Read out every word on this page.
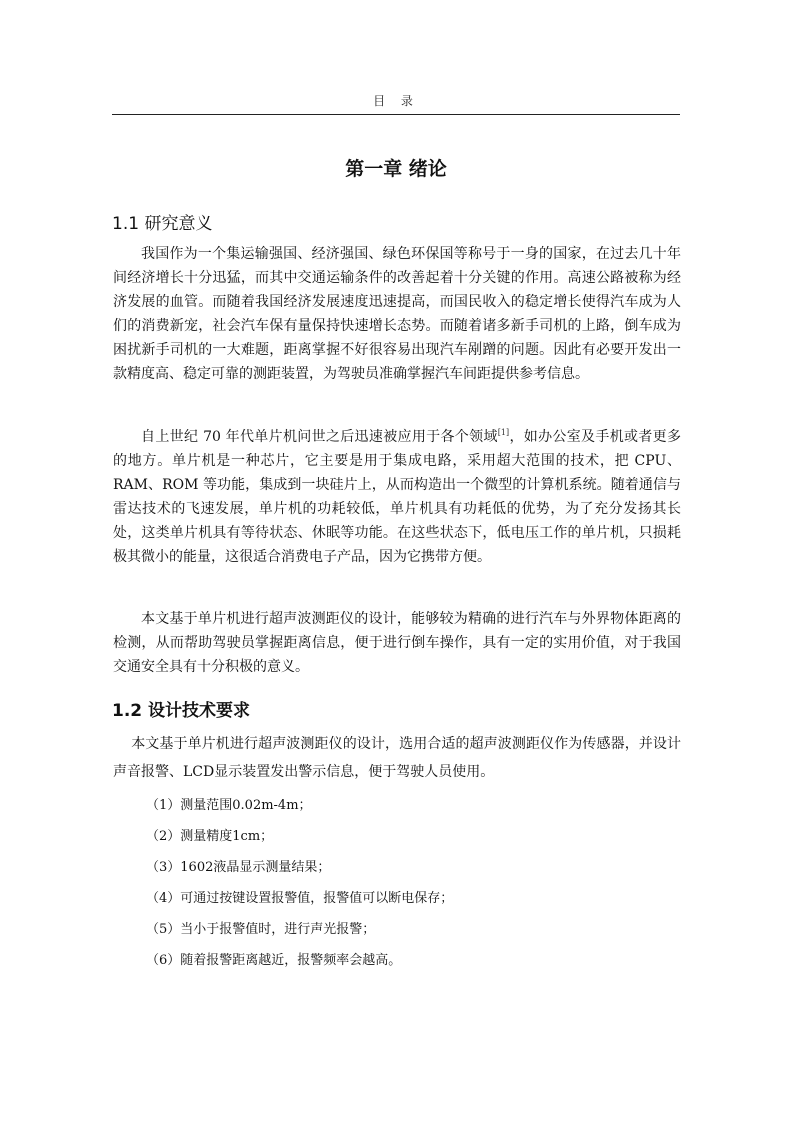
目 录
第一章 绪论
1.1 研究意义

我国作为一个集运输强国、经济强国、绿色环保国等称号于一身的国家，在过去几十年间经济增长十分迅猛，而其中交通运输条件的改善起着十分关键的作用。高速公路被称为经济发展的血管。而随着我国经济发展速度迅速提高，而国民收入的稳定增长使得汽车成为人们的消费新宠，社会汽车保有量保持快速增长态势。而随着诸多新手司机的上路，倒车成为困扰新手司机的一大难题，距离掌握不好很容易出现汽车剐蹭的问题。因此有必要开发出一款精度高、稳定可靠的测距装置，为驾驶员准确掌握汽车间距提供参考信息。

自上世纪 70 年代单片机问世之后迅速被应用于各个领域[1]，如办公室及手机或者更多的地方。单片机是一种芯片，它主要是用于集成电路，采用超大范围的技术，把 CPU、RAM、ROM 等功能，集成到一块硅片上，从而构造出一个微型的计算机系统。随着通信与雷达技术的飞速发展，单片机的功耗较低，单片机具有功耗低的优势，为了充分发扬其长处，这类单片机具有等待状态、休眠等功能。在这些状态下，低电压工作的单片机，只损耗极其微小的能量，这很适合消费电子产品，因为它携带方便。

本文基于单片机进行超声波测距仪的设计，能够较为精确的进行汽车与外界物体距离的检测，从而帮助驾驶员掌握距离信息，便于进行倒车操作，具有一定的实用价值，对于我国交通安全具有十分积极的意义。

1.2 设计技术要求

本文基于单片机进行超声波测距仪的设计，选用合适的超声波测距仪作为传感器，并设计声音报警、LCD显示装置发出警示信息，便于驾驶人员使用。

（1）测量范围0.02m-4m；
（2）测量精度1cm；
（3）1602液晶显示测量结果；
（4）可通过按键设置报警值，报警值可以断电保存；
（5）当小于报警值时，进行声光报警；
（6）随着报警距离越近，报警频率会越高。
